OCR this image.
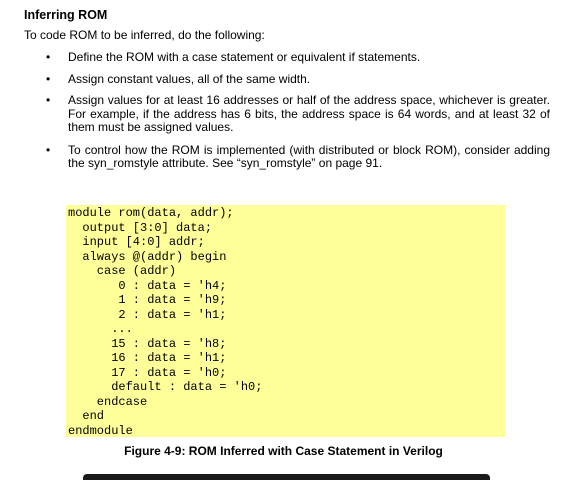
Inferring ROM
To code ROM to be inferred, do the following:
• Define the ROM with a case statement or equivalent if statements.
• Assign constant values, all of the same width.
• Assign values for at least 16 addresses or half of the address space, whichever is greater. For example, if the address has 6 bits, the address space is 64 words, and at least 32 of them must be assigned values.
• To control how the ROM is implemented (with distributed or block ROM), consider adding the syn_romstyle attribute. See “syn_romstyle” on page 91.
module rom(data, addr);
output [3:0] data;
input [4:0] addr;
always @(addr) begin
case (addr)
0 : data = 'h4;
1 : data = 'h9;
2 : data = 'h1;
...
15 : data = 'h8;
16 : data = 'h1;
17 : data = 'h0;
default : data = 'h0;
endcase
end
endmodule
Figure 4-9: ROM Inferred with Case Statement in Verilog
